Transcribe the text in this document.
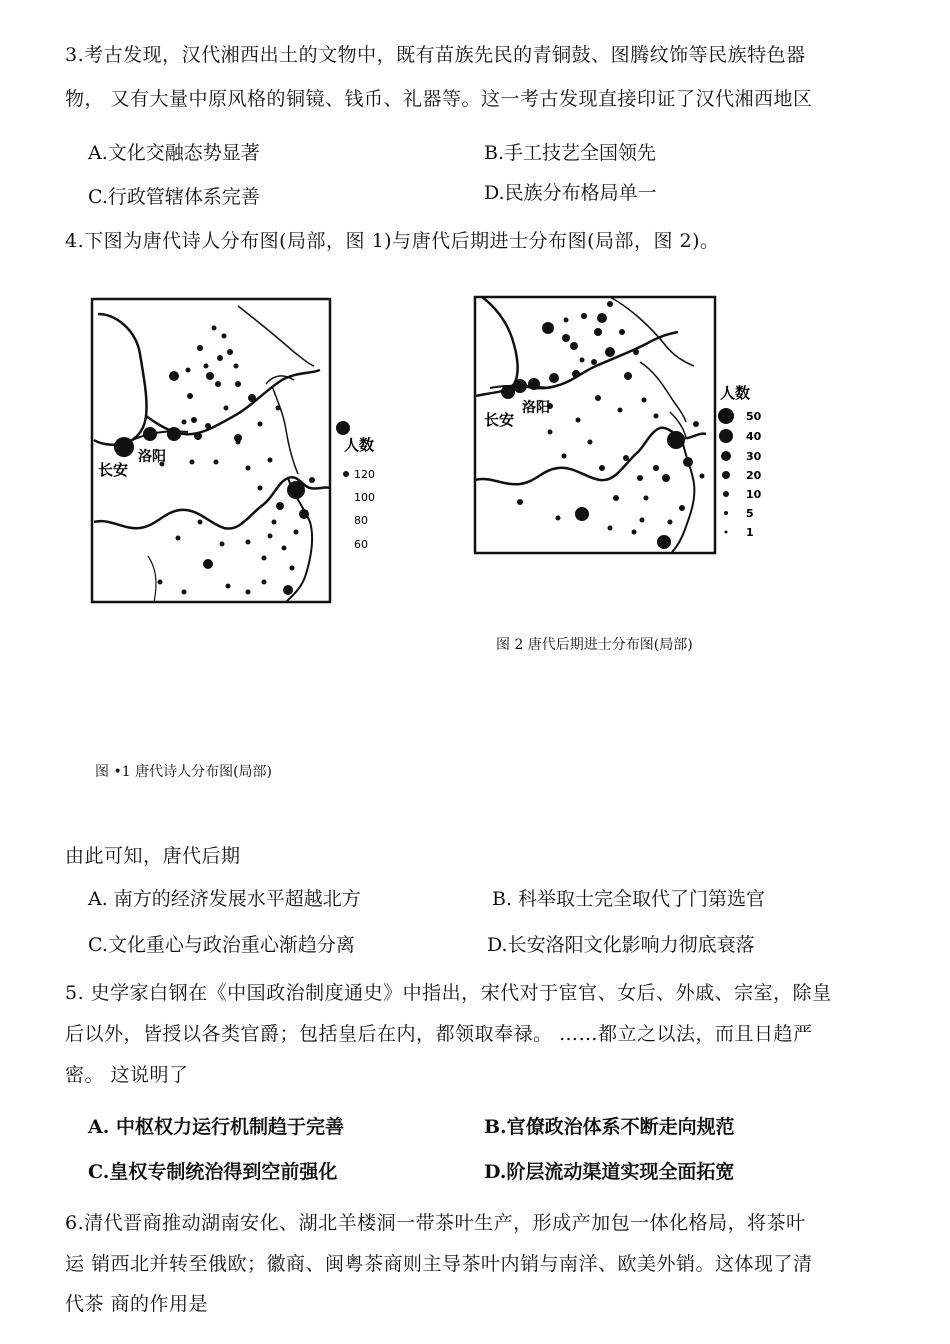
3.考古发现，汉代湘西出土的文物中，既有苗族先民的青铜鼓、图腾纹饰等民族特色器
物， 又有大量中原风格的铜镜、钱币、礼器等。这一考古发现直接印证了汉代湘西地区
A.文化交融态势显著	B.手工技艺全国领先
C.行政管辖体系完善	D.民族分布格局单一
4.下图为唐代诗人分布图(局部，图 1)与唐代后期进士分布图(局部，图 2)。
长安
洛阳
人数
120
100
80
60
长安
洛阳
人数
50
40
30
20
10
5
1
图 2 唐代后期进士分布图(局部)
图 •1 唐代诗人分布图(局部)
由此可知，唐代后期
A. 南方的经济发展水平超越北方	B. 科举取士完全取代了门第选官
C.文化重心与政治重心渐趋分离	D.长安洛阳文化影响力彻底衰落
5. 史学家白钢在《中国政治制度通史》中指出，宋代对于宦官、女后、外戚、宗室，除皇
后以外，皆授以各类官爵；包括皇后在内，都领取奉禄。 ……都立之以法，而且日趋严
密。 这说明了
A. 中枢权力运行机制趋于完善	B.官僚政治体系不断走向规范
C.皇权专制统治得到空前强化	D.阶层流动渠道实现全面拓宽
6.清代晋商推动湖南安化、湖北羊楼洞一带茶叶生产，形成产加包一体化格局，将茶叶
运 销西北并转至俄欧；徽商、闽粤茶商则主导茶叶内销与南洋、欧美外销。这体现了清
代茶 商的作用是
